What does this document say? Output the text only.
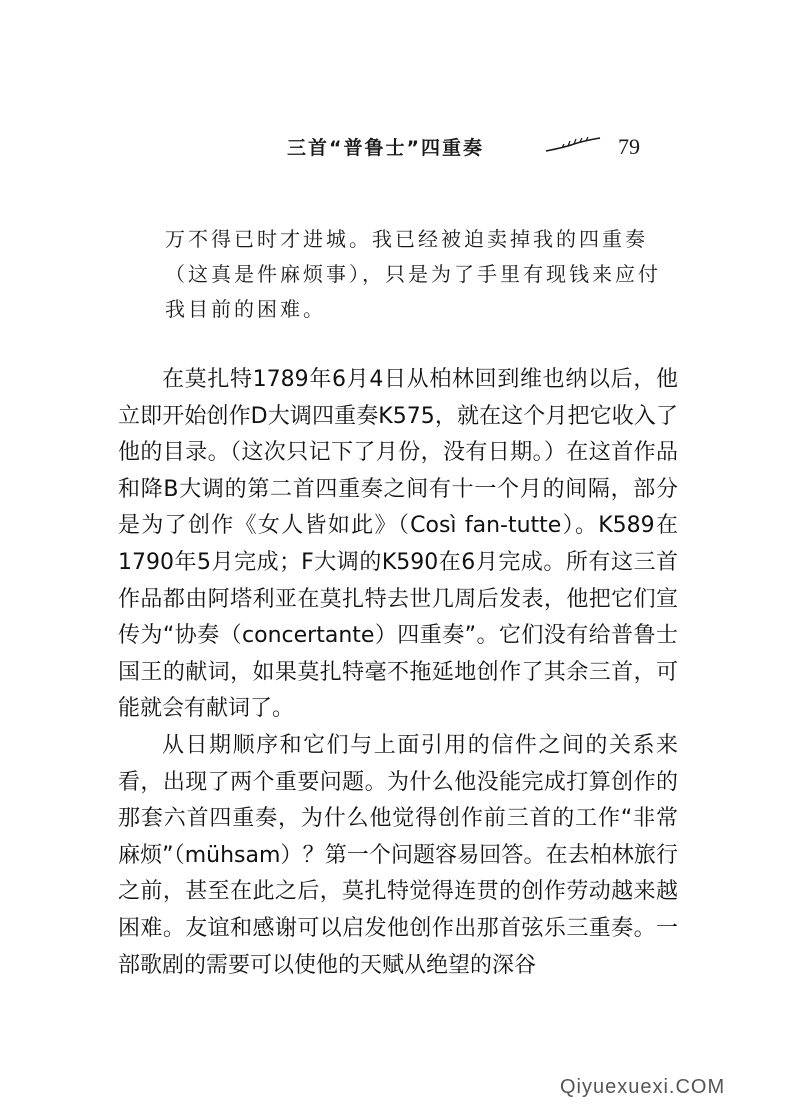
三首“普鲁士”四重奏	79

万不得已时才进城。我已经被迫卖掉我的四重奏（这真是件麻烦事），只是为了手里有现钱来应付我目前的困难。

在莫扎特1789年6月4日从柏林回到维也纳以后，他立即开始创作D大调四重奏K575，就在这个月把它收入了他的目录。（这次只记下了月份，没有日期。）在这首作品和降B大调的第二首四重奏之间有十一个月的间隔，部分是为了创作《女人皆如此》（Così fan-tutte）。K589在1790年5月完成；F大调的K590在6月完成。所有这三首作品都由阿塔利亚在莫扎特去世几周后发表，他把它们宣传为“协奏（concertante）四重奏”。它们没有给普鲁士国王的献词，如果莫扎特毫不拖延地创作了其余三首，可能就会有献词了。

从日期顺序和它们与上面引用的信件之间的关系来看，出现了两个重要问题。为什么他没能完成打算创作的那套六首四重奏，为什么他觉得创作前三首的工作“非常麻烦”（mühsam）？第一个问题容易回答。在去柏林旅行之前，甚至在此之后，莫扎特觉得连贯的创作劳动越来越困难。友谊和感谢可以启发他创作出那首弦乐三重奏。一部歌剧的需要可以使他的天赋从绝望的深谷

Qiyuexuexi.COM
